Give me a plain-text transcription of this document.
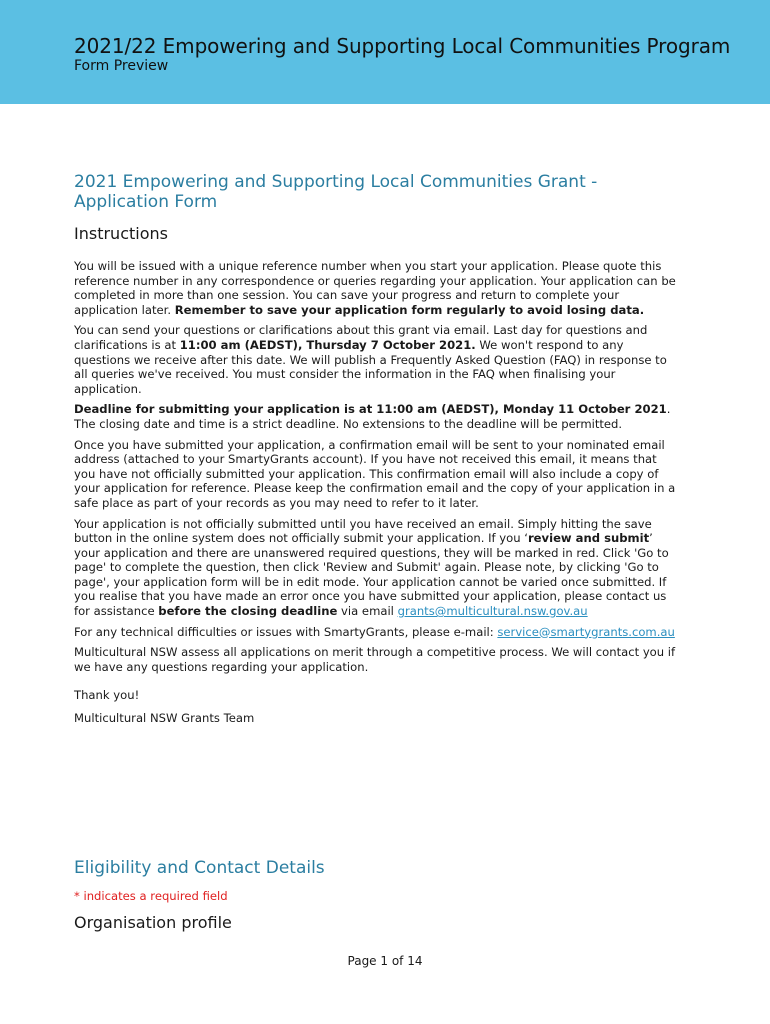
2021/22 Empowering and Supporting Local Communities Program
Form Preview
2021 Empowering and Supporting Local Communities Grant - Application Form
Instructions

You will be issued with a unique reference number when you start your application. Please quote this reference number in any correspondence or queries regarding your application. Your application can be completed in more than one session. You can save your progress and return to complete your application later. Remember to save your application form regularly to avoid losing data.

You can send your questions or clarifications about this grant via email. Last day for questions and clarifications is at 11:00 am (AEDST), Thursday 7 October 2021. We won't respond to any questions we receive after this date. We will publish a Frequently Asked Question (FAQ) in response to all queries we've received. You must consider the information in the FAQ when finalising your application.

Deadline for submitting your application is at 11:00 am (AEDST), Monday 11 October 2021. The closing date and time is a strict deadline. No extensions to the deadline will be permitted.

Once you have submitted your application, a confirmation email will be sent to your nominated email address (attached to your SmartyGrants account). If you have not received this email, it means that you have not officially submitted your application. This confirmation email will also include a copy of your application for reference. Please keep the confirmation email and the copy of your application in a safe place as part of your records as you may need to refer to it later.

Your application is not officially submitted until you have received an email. Simply hitting the save button in the online system does not officially submit your application. If you ‘review and submit’ your application and there are unanswered required questions, they will be marked in red. Click 'Go to page' to complete the question, then click 'Review and Submit' again. Please note, by clicking 'Go to page', your application form will be in edit mode. Your application cannot be varied once submitted. If you realise that you have made an error once you have submitted your application, please contact us for assistance before the closing deadline via email grants@multicultural.nsw.gov.au

For any technical difficulties or issues with SmartyGrants, please e-mail: service@smartygrants.com.au

Multicultural NSW assess all applications on merit through a competitive process. We will contact you if we have any questions regarding your application.

Thank you!

Multicultural NSW Grants Team

Eligibility and Contact Details
* indicates a required field
Organisation profile
Page 1 of 14
